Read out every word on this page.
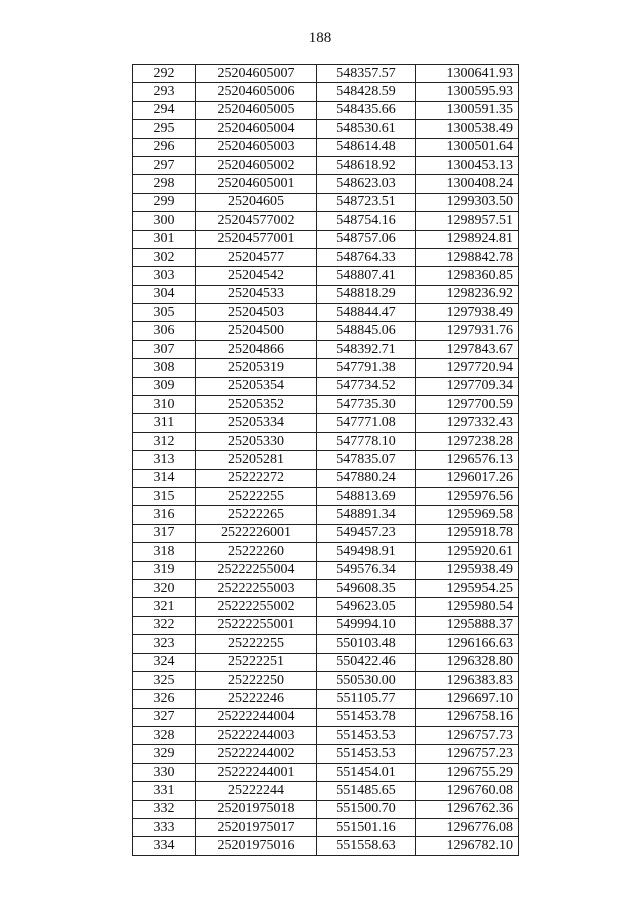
188
292	25204605007	548357.57	1300641.93
293	25204605006	548428.59	1300595.93
294	25204605005	548435.66	1300591.35
295	25204605004	548530.61	1300538.49
296	25204605003	548614.48	1300501.64
297	25204605002	548618.92	1300453.13
298	25204605001	548623.03	1300408.24
299	25204605	548723.51	1299303.50
300	25204577002	548754.16	1298957.51
301	25204577001	548757.06	1298924.81
302	25204577	548764.33	1298842.78
303	25204542	548807.41	1298360.85
304	25204533	548818.29	1298236.92
305	25204503	548844.47	1297938.49
306	25204500	548845.06	1297931.76
307	25204866	548392.71	1297843.67
308	25205319	547791.38	1297720.94
309	25205354	547734.52	1297709.34
310	25205352	547735.30	1297700.59
311	25205334	547771.08	1297332.43
312	25205330	547778.10	1297238.28
313	25205281	547835.07	1296576.13
314	25222272	547880.24	1296017.26
315	25222255	548813.69	1295976.56
316	25222265	548891.34	1295969.58
317	2522226001	549457.23	1295918.78
318	25222260	549498.91	1295920.61
319	25222255004	549576.34	1295938.49
320	25222255003	549608.35	1295954.25
321	25222255002	549623.05	1295980.54
322	25222255001	549994.10	1295888.37
323	25222255	550103.48	1296166.63
324	25222251	550422.46	1296328.80
325	25222250	550530.00	1296383.83
326	25222246	551105.77	1296697.10
327	25222244004	551453.78	1296758.16
328	25222244003	551453.53	1296757.73
329	25222244002	551453.53	1296757.23
330	25222244001	551454.01	1296755.29
331	25222244	551485.65	1296760.08
332	25201975018	551500.70	1296762.36
333	25201975017	551501.16	1296776.08
334	25201975016	551558.63	1296782.10
